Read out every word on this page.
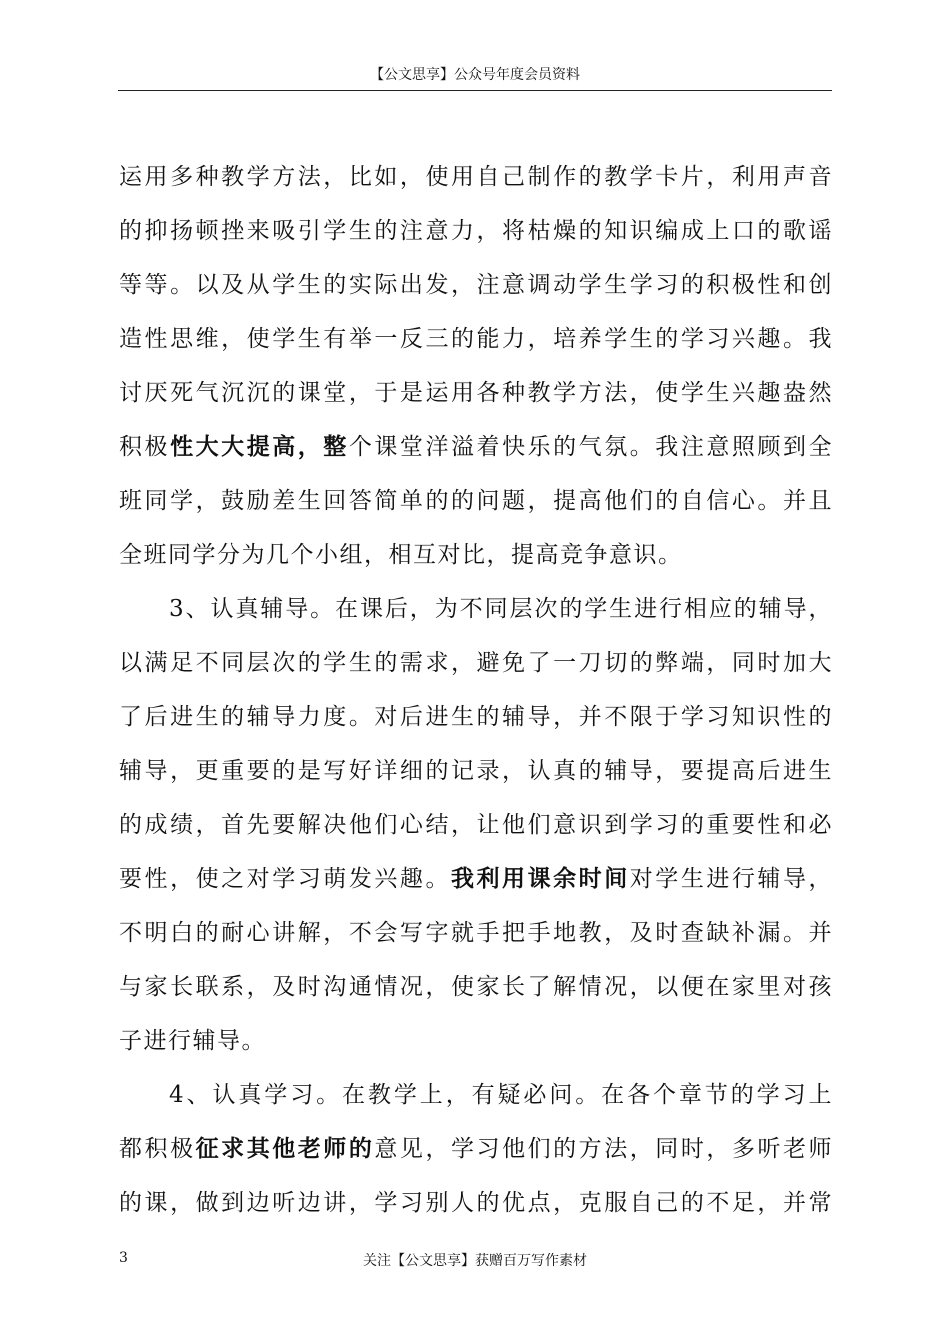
【公文思享】公众号年度会员资料
运用多种教学方法，比如，使用自己制作的教学卡片，利用声音
的抑扬顿挫来吸引学生的注意力，将枯燥的知识编成上口的歌谣
等等。以及从学生的实际出发，注意调动学生学习的积极性和创
造性思维，使学生有举一反三的能力，培养学生的学习兴趣。我
讨厌死气沉沉的课堂，于是运用各种教学方法，使学生兴趣盎然
积极性大大提高，整个课堂洋溢着快乐的气氛。我注意照顾到全
班同学，鼓励差生回答简单的的问题，提高他们的自信心。并且
全班同学分为几个小组，相互对比，提高竞争意识。
3、认真辅导。在课后，为不同层次的学生进行相应的辅导，
以满足不同层次的学生的需求，避免了一刀切的弊端，同时加大
了后进生的辅导力度。对后进生的辅导，并不限于学习知识性的
辅导，更重要的是写好详细的记录，认真的辅导，要提高后进生
的成绩，首先要解决他们心结，让他们意识到学习的重要性和必
要性，使之对学习萌发兴趣。我利用课余时间对学生进行辅导，
不明白的耐心讲解，不会写字就手把手地教，及时查缺补漏。并
与家长联系，及时沟通情况，使家长了解情况，以便在家里对孩
子进行辅导。
4、认真学习。在教学上，有疑必问。在各个章节的学习上
都积极征求其他老师的意见，学习他们的方法，同时，多听老师
的课，做到边听边讲，学习别人的优点，克服自己的不足，并常
3	关注【公文思享】获赠百万写作素材
